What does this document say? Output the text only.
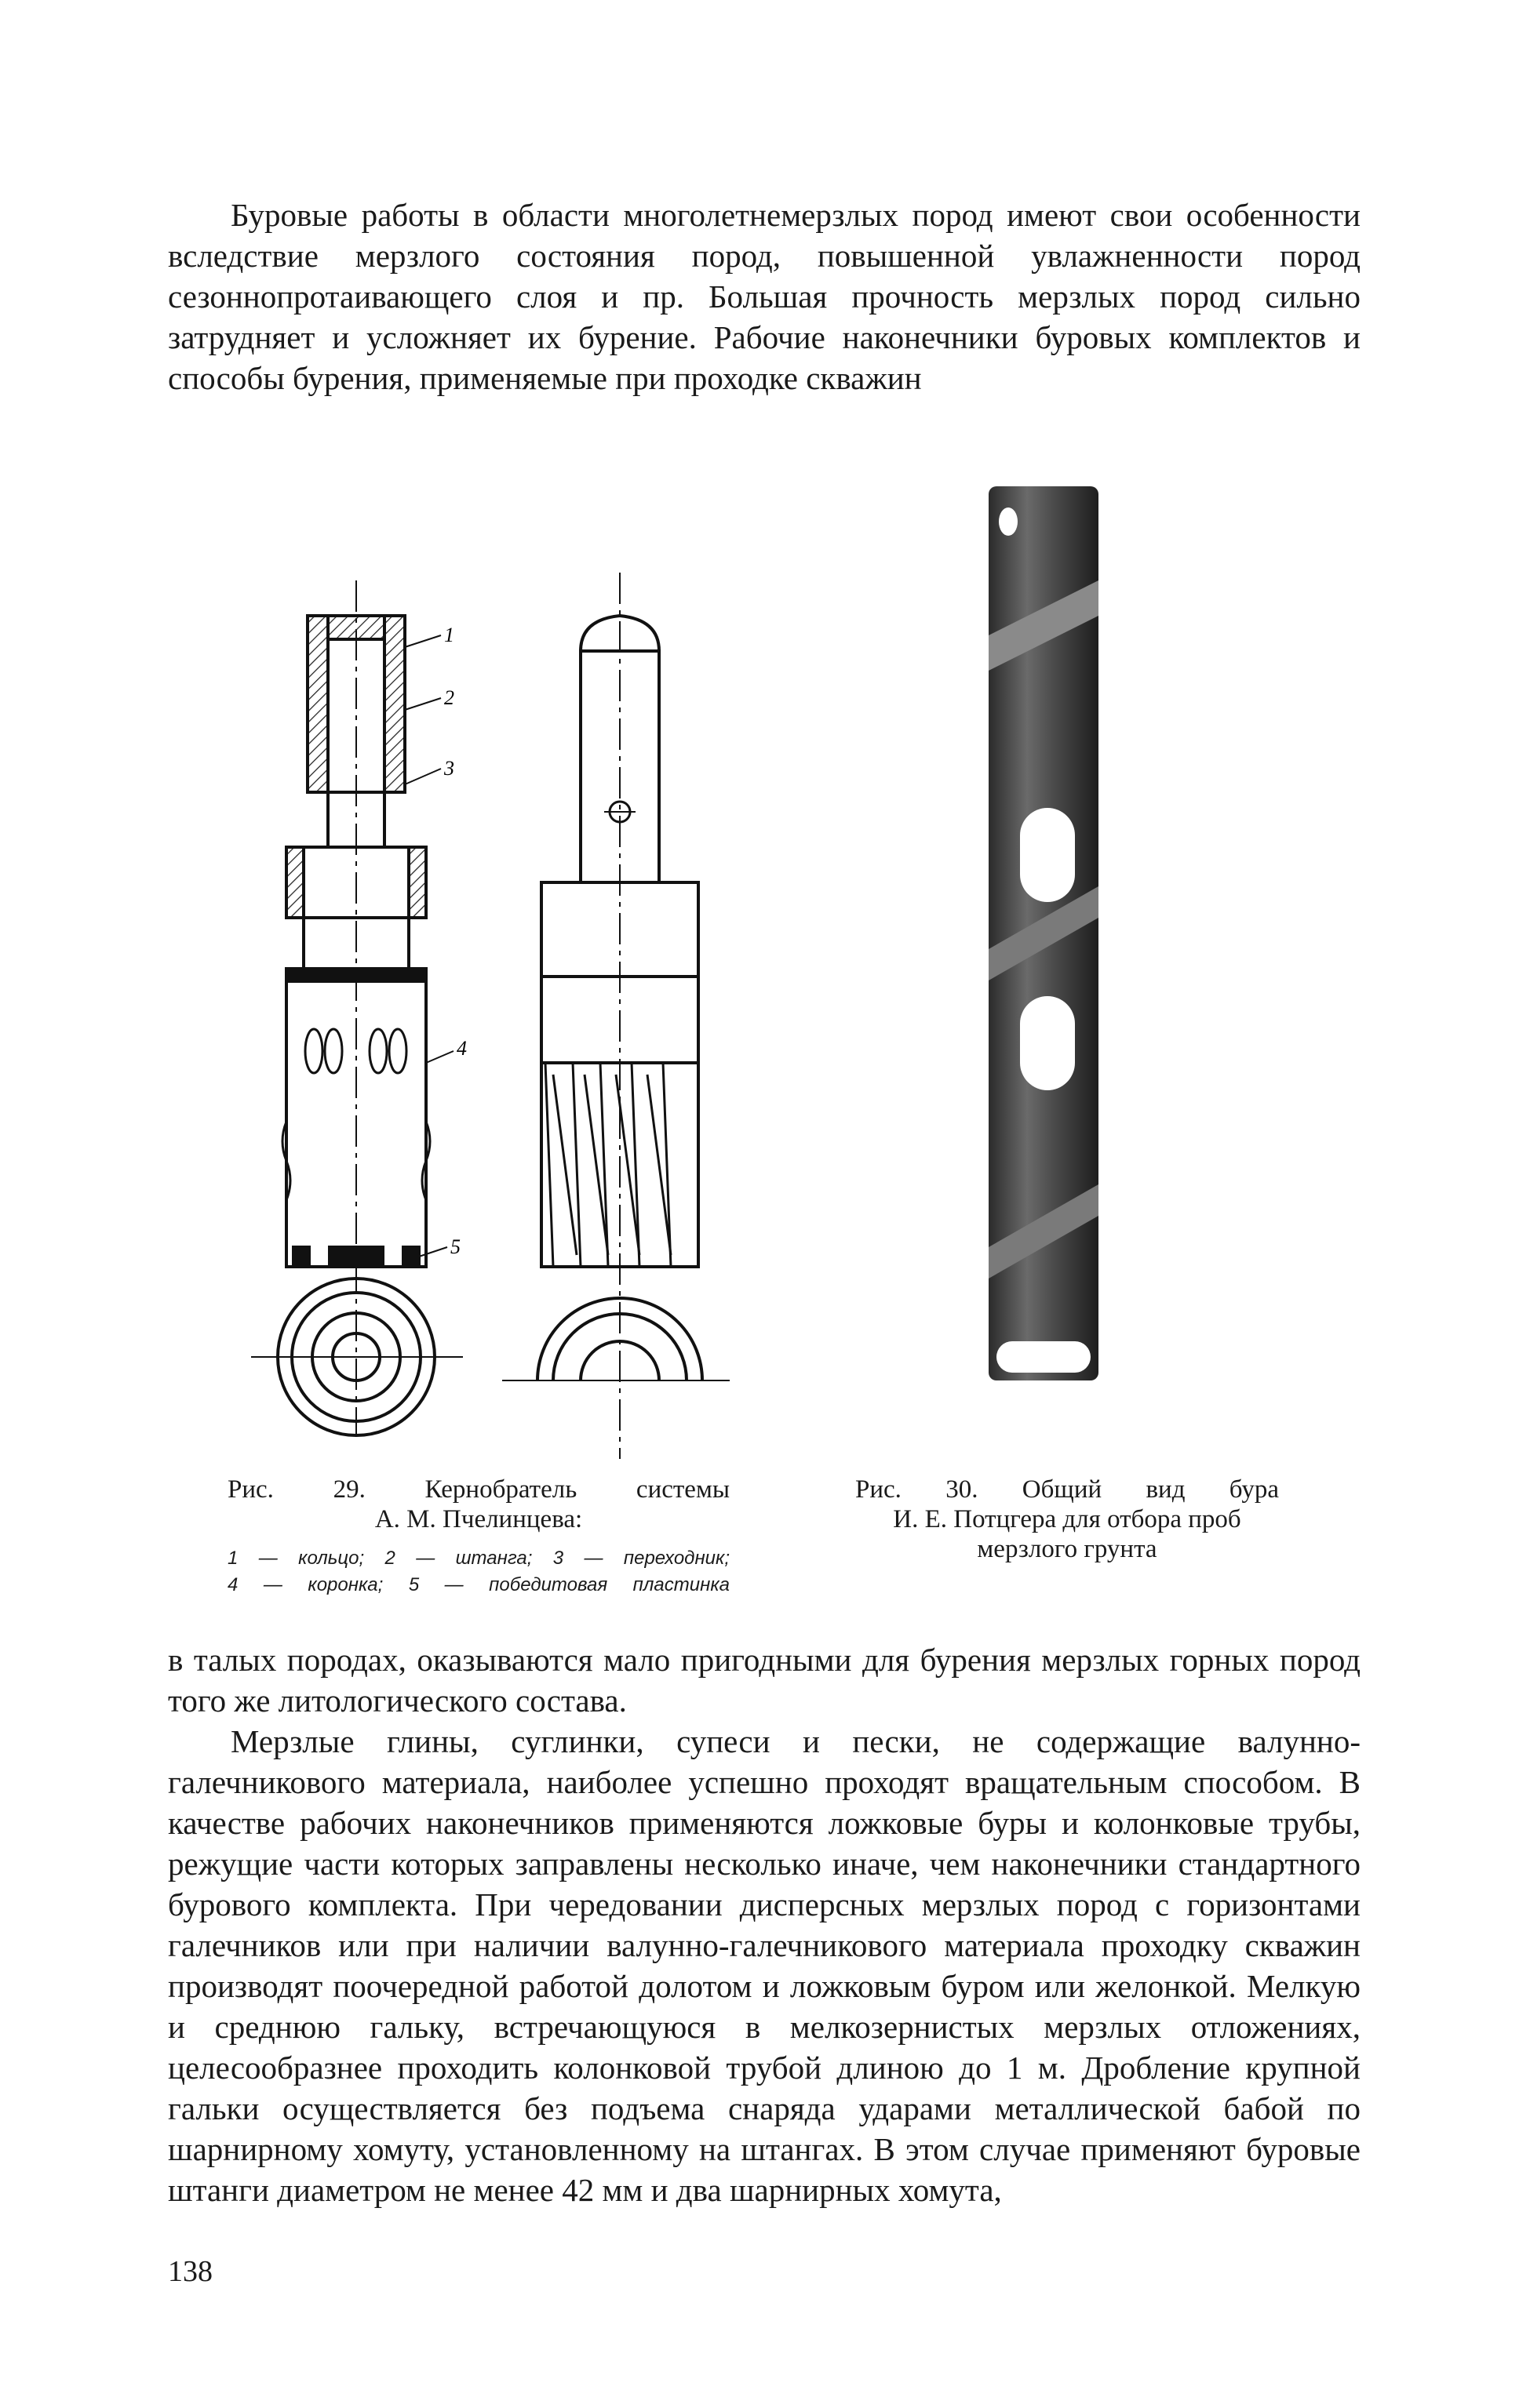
Буровые работы в области многолетнемерзлых пород имеют свои особенности вследствие мерзлого состояния пород, повышенной увлажненности пород сезоннопротаивающего слоя и пр. Большая прочность мерзлых пород сильно затрудняет и усложняет их бурение. Рабочие наконечники буровых комплектов и способы бурения, применяемые при проходке скважин

1
2
3
4
5
Рис. 29. Кернобратель системы
А. М. Пчелинцева:
1 — кольцо; 2 — штанга; 3 — переходник;
4 — коронка; 5 — победитовая пластинка
Рис. 30. Общий вид бура
И. Е. Потцгера для отбора проб
мерзлого грунта

в талых породах, оказываются мало пригодными для бурения мерзлых горных пород того же литологического состава.

Мерзлые глины, суглинки, супеси и пески, не содержащие валунно-галечникового материала, наиболее успешно проходят вращательным способом. В качестве рабочих наконечников применяются ложковые буры и колонковые трубы, режущие части которых заправлены несколько иначе, чем наконечники стандартного бурового комплекта. При чередовании дисперсных мерзлых пород с горизонтами галечников или при наличии валунно-галечникового материала проходку скважин производят поочередной работой долотом и ложковым буром или желонкой. Мелкую и среднюю гальку, встречающуюся в мелкозернистых мерзлых отложениях, целесообразнее проходить колонковой трубой длиною до 1 м. Дробление крупной гальки осуществляется без подъема снаряда ударами металлической бабой по шарнирному хомуту, установленному на штангах. В этом случае применяют буровые штанги диаметром не менее 42 мм и два шарнирных хомута,

138
